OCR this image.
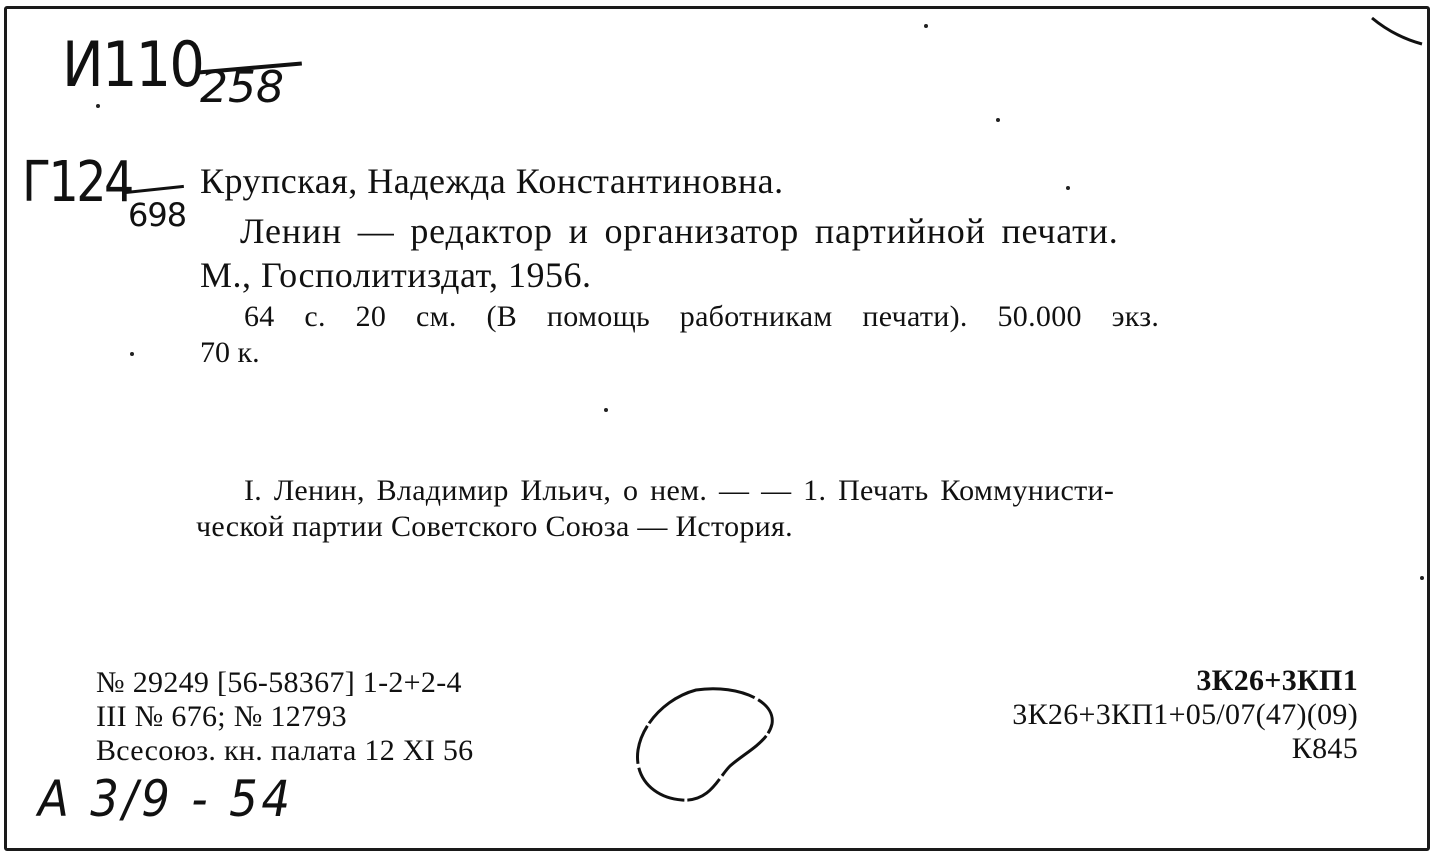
И110
258
Г124
698
Крупская, Надежда Константиновна.
Ленин — редактор и организатор партийной печати.
М., Госполитиздат, 1956.
64 с. 20 см. (В помощь работникам печати). 50.000 экз.
70 к.
I. Ленин, Владимир Ильич, о нем. — — 1. Печать Коммунисти-
ческой партии Советского Союза — История.
№ 29249 [56-58367] 1-2+2-4
III № 676; № 12793
Всесоюз. кн. палата 12 XI 56
3К26+3КП1
3К26+3КП1+05/07(47)(09)
К845
A 3/9 - 54
